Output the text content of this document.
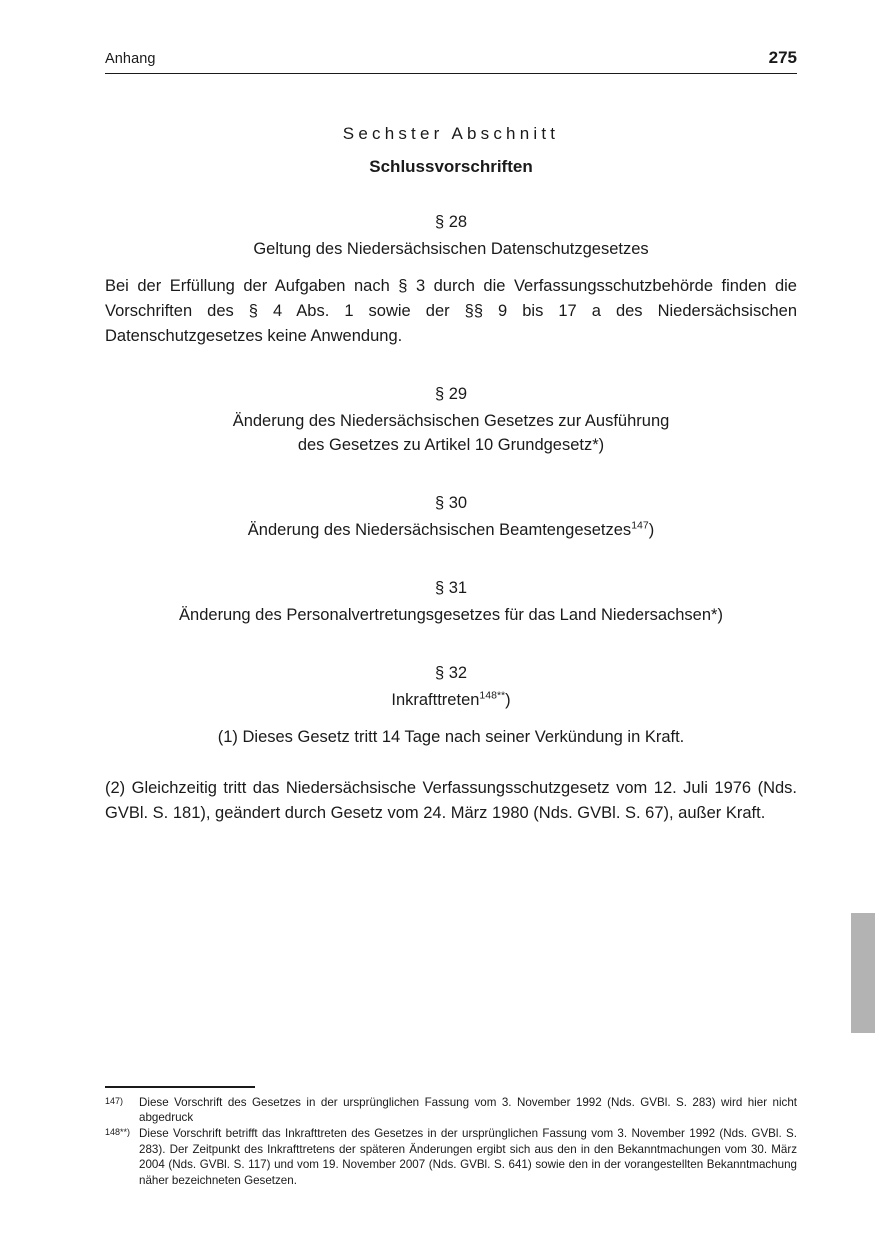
Anhang	275
Sechster Abschnitt
Schlussvorschriften
§ 28
Geltung des Niedersächsischen Datenschutzgesetzes
Bei der Erfüllung der Aufgaben nach § 3 durch die Verfassungsschutzbehörde finden die Vorschriften des § 4 Abs. 1 sowie der §§ 9 bis 17 a des Niedersächsischen Datenschutzgesetzes keine Anwendung.
§ 29
Änderung des Niedersächsischen Gesetzes zur Ausführung
des Gesetzes zu Artikel 10 Grundgesetz*)
§ 30
Änderung des Niedersächsischen Beamtengesetzes$^{147}$)
§ 31
Änderung des Personalvertretungsgesetzes für das Land Niedersachsen*)
§ 32
Inkrafttreten$^{148**}$)
(1) Dieses Gesetz tritt 14 Tage nach seiner Verkündung in Kraft.
(2) Gleichzeitig tritt das Niedersächsische Verfassungsschutzgesetz vom 12. Juli 1976 (Nds. GVBl. S. 181), geändert durch Gesetz vom 24. März 1980 (Nds. GVBl. S. 67), außer Kraft.
147)	Diese Vorschrift des Gesetzes in der ursprünglichen Fassung vom 3. November 1992 (Nds. GVBl. S. 283) wird hier nicht abgedruck
148**) Diese Vorschrift betrifft das Inkrafttreten des Gesetzes in der ursprünglichen Fassung vom 3. November 1992 (Nds. GVBl. S. 283). Der Zeitpunkt des Inkrafttretens der späteren Änderungen ergibt sich aus den in den Bekanntmachungen vom 30. März 2004 (Nds. GVBl. S. 117) und vom 19. November 2007 (Nds. GVBl. S. 641) sowie den in der vorangestellten Bekanntmachung näher bezeichneten Gesetzen.
